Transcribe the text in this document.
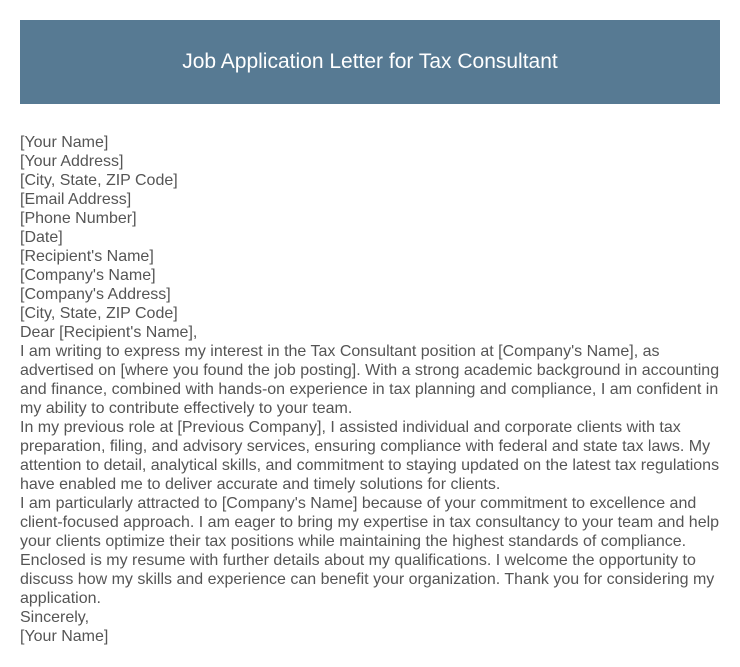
Job Application Letter for Tax Consultant

[Your Name]

[Your Address]

[City, State, ZIP Code]

[Email Address]

[Phone Number]

[Date]

[Recipient's Name]

[Company's Name]

[Company's Address]

[City, State, ZIP Code]

Dear [Recipient's Name],

I am writing to express my interest in the Tax Consultant position at [Company's Name], as advertised on [where you found the job posting]. With a strong academic background in accounting and finance, combined with hands-on experience in tax planning and compliance, I am confident in my ability to contribute effectively to your team.

In my previous role at [Previous Company], I assisted individual and corporate clients with tax preparation, filing, and advisory services, ensuring compliance with federal and state tax laws. My attention to detail, analytical skills, and commitment to staying updated on the latest tax regulations have enabled me to deliver accurate and timely solutions for clients.

I am particularly attracted to [Company's Name] because of your commitment to excellence and client-focused approach. I am eager to bring my expertise in tax consultancy to your team and help your clients optimize their tax positions while maintaining the highest standards of compliance.

Enclosed is my resume with further details about my qualifications. I welcome the opportunity to discuss how my skills and experience can benefit your organization. Thank you for considering my application.

Sincerely,

[Your Name]
